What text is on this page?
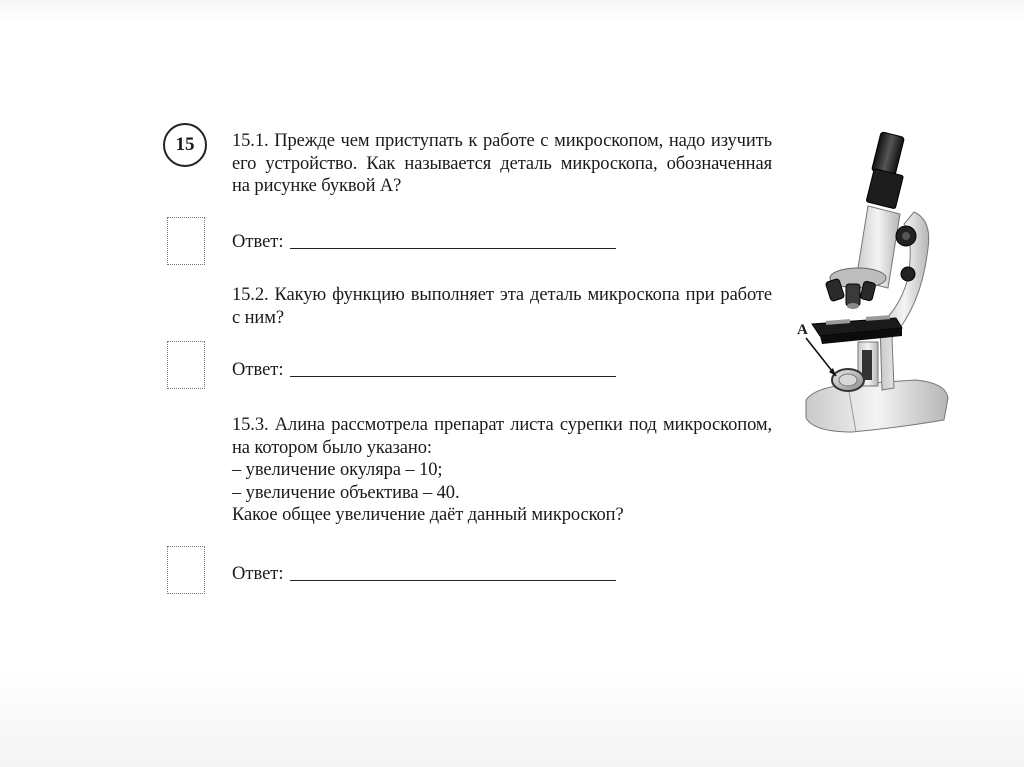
15 15.1. Прежде чем приступать к работе с микроскопом, надо изучить
его устройство. Как называется деталь микроскопа, обозначенная
на рисунке буквой А?
Ответ:
15.2. Какую функцию выполняет эта деталь микроскопа при работе
с ним?
Ответ:
15.3. Алина рассмотрела препарат листа сурепки под микроскопом,
на котором было указано:
– увеличение окуляра – 10;
– увеличение объектива – 40.
Какое общее увеличение даёт данный микроскоп?
Ответ:
А
